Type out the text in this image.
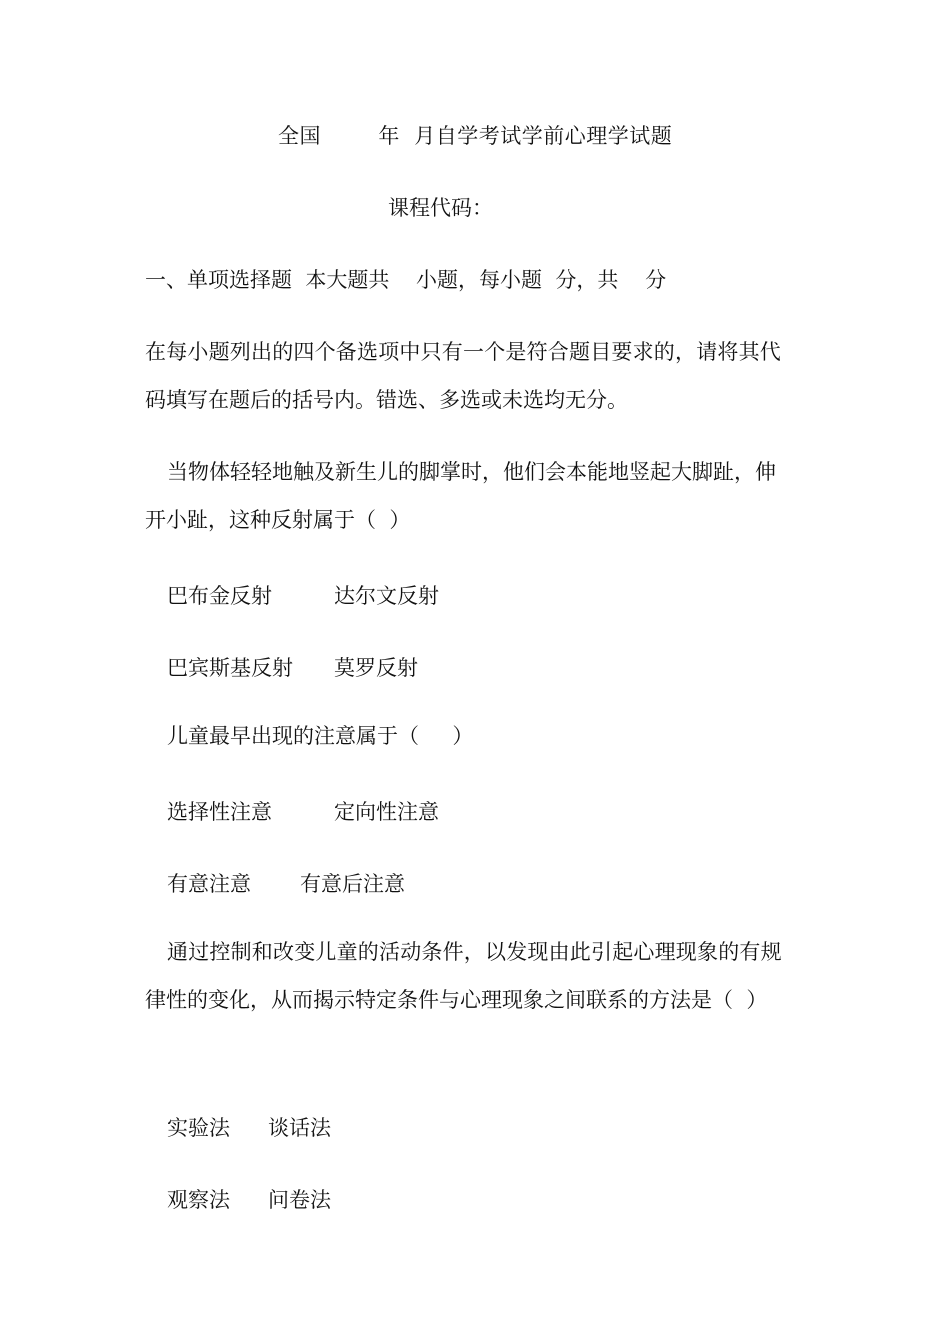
全国        年  月自学考试学前心理学试题
课程代码：
一、单项选择题  本大题共    小题，每小题  分，共    分
在每小题列出的四个备选项中只有一个是符合题目要求的，请将其代
码填写在题后的括号内。错选、多选或未选均无分。
当物体轻轻地触及新生儿的脚掌时，他们会本能地竖起大脚趾，伸
开小趾，这种反射属于（  ）
巴布金反射	达尔文反射
巴宾斯基反射 莫罗反射
儿童最早出现的注意属于（     ）
选择性注意	定向性注意
有意注意 有意后注意
通过控制和改变儿童的活动条件，以发现由此引起心理现象的有规
律性的变化，从而揭示特定条件与心理现象之间联系的方法是（  ）
实验法 谈话法
观察法 问卷法
